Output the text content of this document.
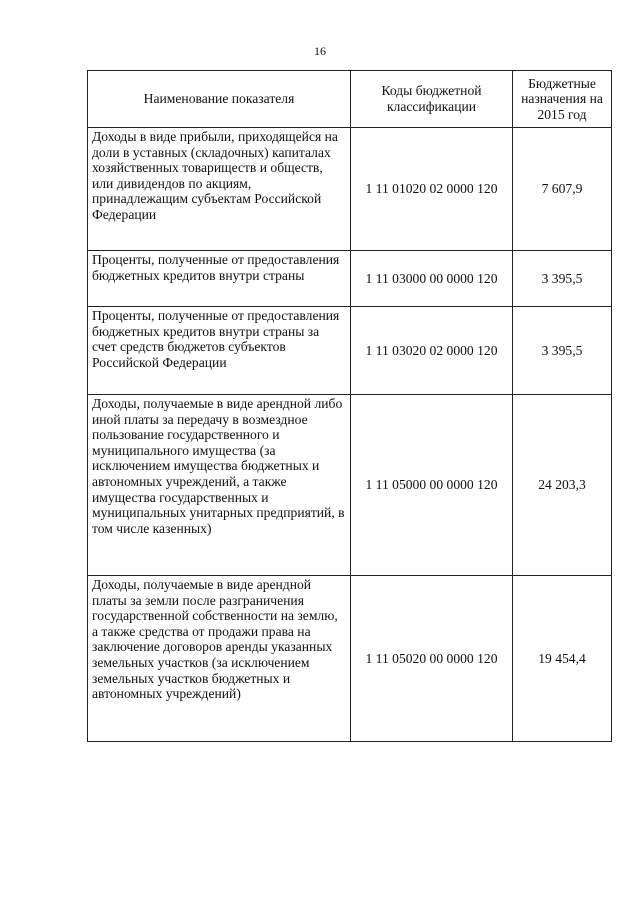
16
Наименование показателя	Коды бюджетной классификации	Бюджетные назначения на 2015 год
Доходы в виде прибыли, приходящейся на доли в уставных (складочных) капиталах хозяйственных товариществ и обществ, или дивидендов по акциям, принадлежащим субъектам Российской Федерации	1 11 01020 02 0000 120	7 607,9
Проценты, полученные от предоставления бюджетных кредитов внутри страны	1 11 03000 00 0000 120	3 395,5
Проценты, полученные от предоставления бюджетных кредитов внутри страны за счет средств бюджетов субъектов Российской Федерации	1 11 03020 02 0000 120	3 395,5
Доходы, получаемые в виде арендной либо иной платы за передачу в возмездное пользование государственного и муниципального имущества (за исключением имущества бюджетных и автономных учреждений, а также имущества государственных и муниципальных унитарных предприятий, в том числе казенных)	1 11 05000 00 0000 120	24 203,3
Доходы, получаемые в виде арендной платы за земли после разграничения государственной собственности на землю, а также средства от продажи права на заключение договоров аренды указанных земельных участков (за исключением земельных участков бюджетных и автономных учреждений)	1 11 05020 00 0000 120	19 454,4
